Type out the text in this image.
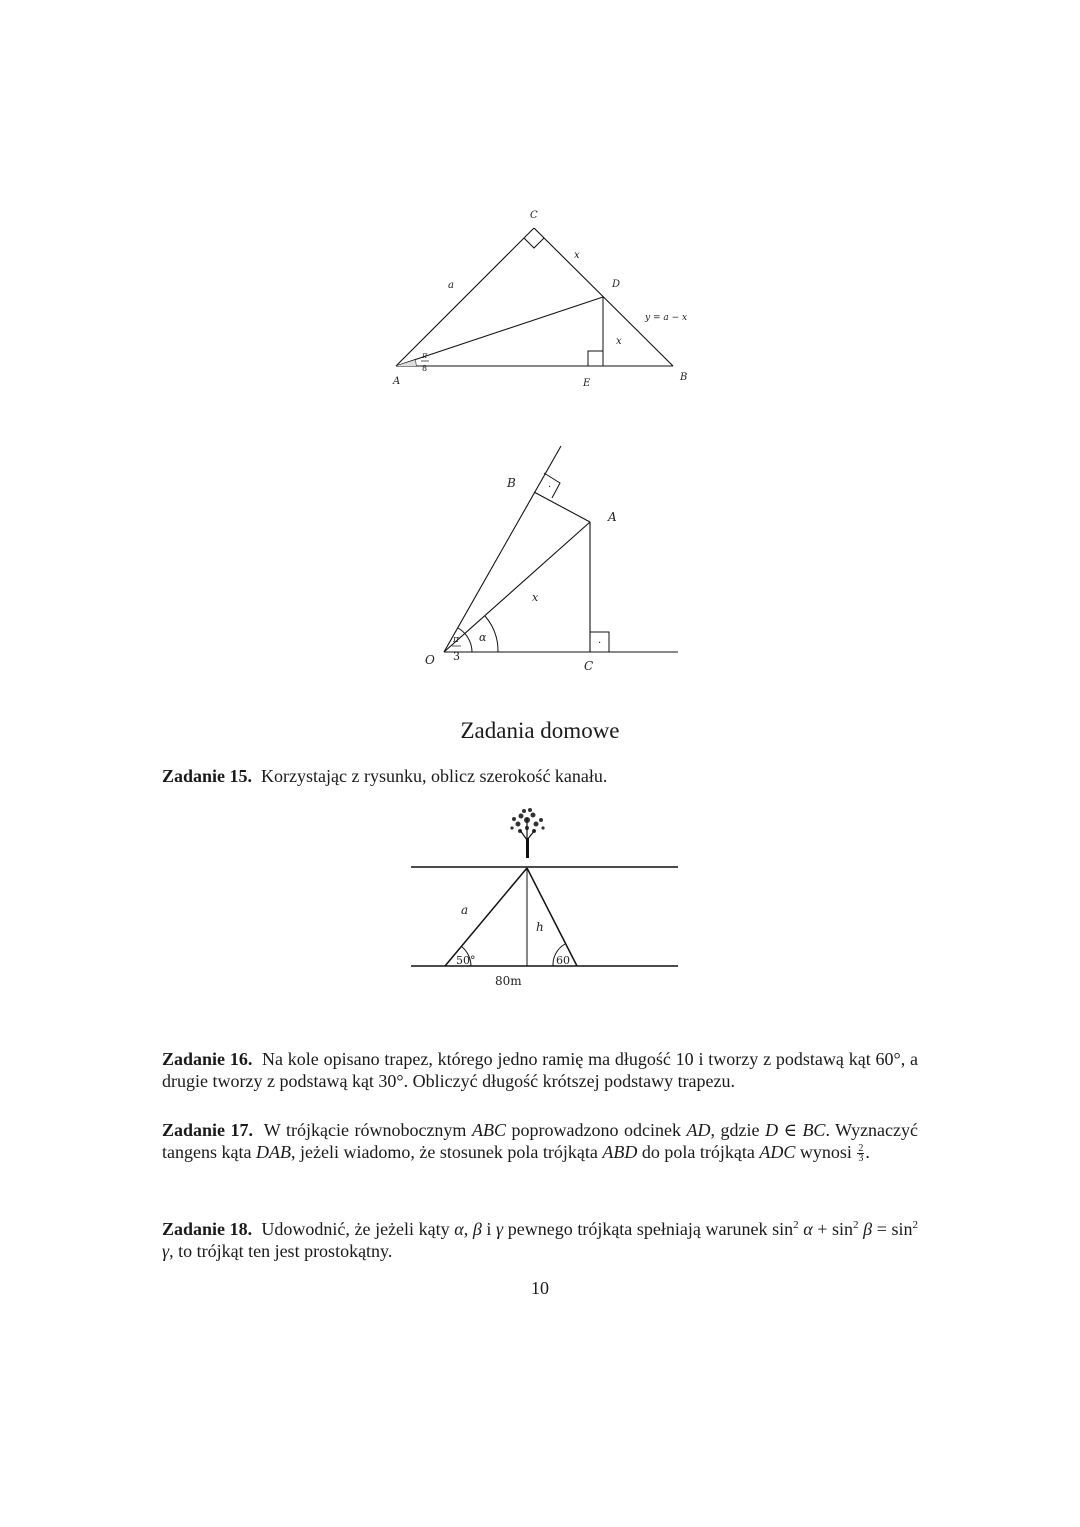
C
A	B
D
E
a
x
x
y = a − x
π
8
·
·
O
B
A
C
x
α
π
3
Zadania domowe
Zadanie 15. Korzystając z rysunku, oblicz szerokość kanału.
a
h
50°	60
80m
Zadanie 16. Na kole opisano trapez, którego jedno ramię ma długość 10 i tworzy z podstawą kąt 60°, a drugie tworzy z podstawą kąt 30°. Obliczyć długość krótszej podstawy trapezu.
Zadanie 17. W trójkącie równobocznym ABC poprowadzono odcinek AD, gdzie D ∈ BC. Wyznaczyć tangens kąta DAB, jeżeli wiadomo, że stosunek pola trójkąta ABD do pola trójkąta ADC wynosi $\frac{2}{3}$ .
Zadanie 18. Udowodnić, że jeżeli kąty α, β i γ pewnego trójkąta spełniają warunek $\sin^2 \alpha + \sin^2 \beta = \sin^2 \gamma$, to trójkąt ten jest prostokątny.
10
